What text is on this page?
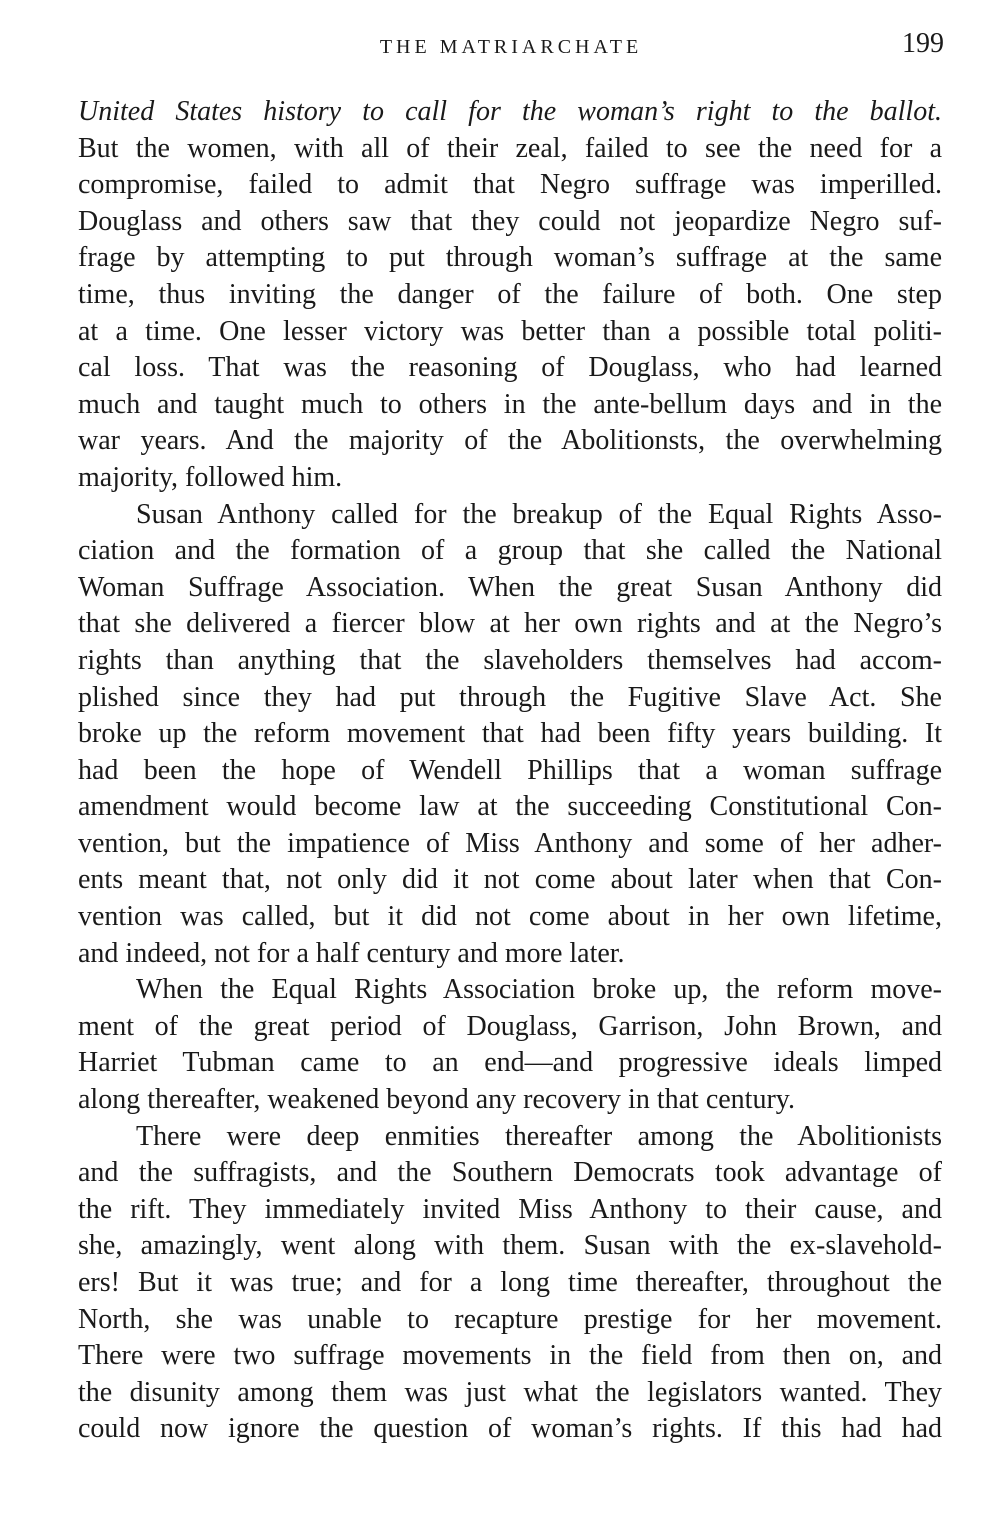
THE MATRIARCHATE	199
United States history to call for the woman’s right to the ballot.
But the women, with all of their zeal, failed to see the need for a
compromise, failed to admit that Negro suffrage was imperilled.
Douglass and others saw that they could not jeopardize Negro suf-
frage by attempting to put through woman’s suffrage at the same
time, thus inviting the danger of the failure of both. One step
at a time. One lesser victory was better than a possible total politi-
cal loss. That was the reasoning of Douglass, who had learned
much and taught much to others in the ante-bellum days and in the
war years. And the majority of the Abolitionsts, the overwhelming
majority, followed him.
Susan Anthony called for the breakup of the Equal Rights Asso-
ciation and the formation of a group that she called the National
Woman Suffrage Association. When the great Susan Anthony did
that she delivered a fiercer blow at her own rights and at the Negro’s
rights than anything that the slaveholders themselves had accom-
plished since they had put through the Fugitive Slave Act. She
broke up the reform movement that had been fifty years building. It
had been the hope of Wendell Phillips that a woman suffrage
amendment would become law at the succeeding Constitutional Con-
vention, but the impatience of Miss Anthony and some of her adher-
ents meant that, not only did it not come about later when that Con-
vention was called, but it did not come about in her own lifetime,
and indeed, not for a half century and more later.
When the Equal Rights Association broke up, the reform move-
ment of the great period of Douglass, Garrison, John Brown, and
Harriet Tubman came to an end—and progressive ideals limped
along thereafter, weakened beyond any recovery in that century.
There were deep enmities thereafter among the Abolitionists
and the suffragists, and the Southern Democrats took advantage of
the rift. They immediately invited Miss Anthony to their cause, and
she, amazingly, went along with them. Susan with the ex-slavehold-
ers! But it was true; and for a long time thereafter, throughout the
North, she was unable to recapture prestige for her movement.
There were two suffrage movements in the field from then on, and
the disunity among them was just what the legislators wanted. They
could now ignore the question of woman’s rights. If this had had
